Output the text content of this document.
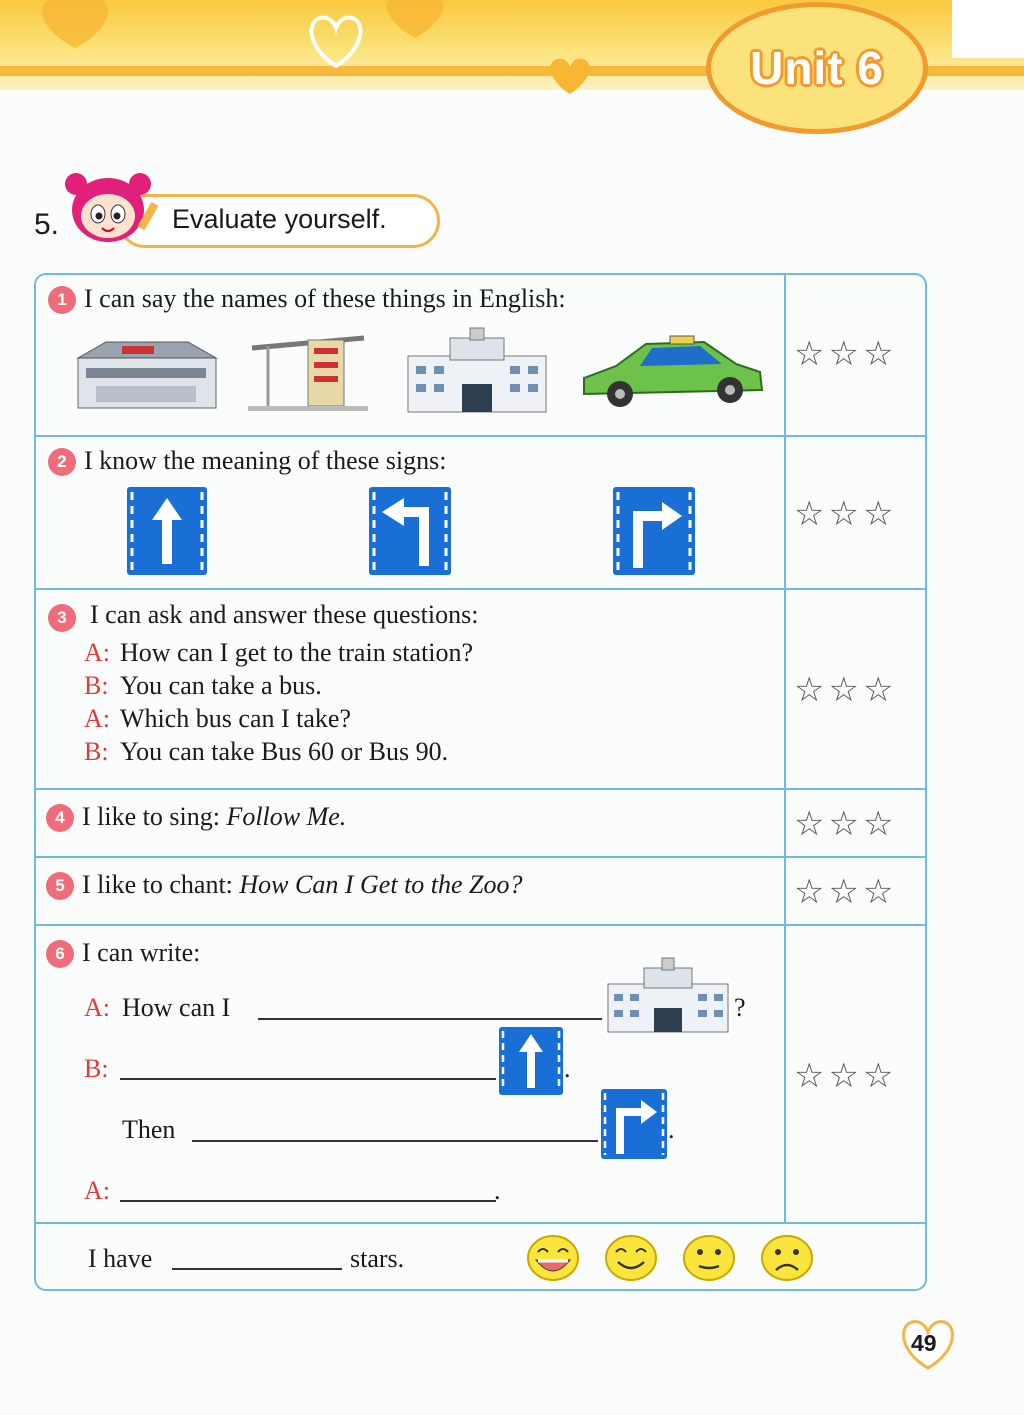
Unit 6
5.	Evaluate yourself.
1 I can say the names of these things in English:
☆☆☆
2 I know the meaning of these signs:
☆☆☆
3 I can ask and answer these questions:
A: How can I get to the train station?
B: You can take a bus.
A: Which bus can I take?
B: You can take Bus 60 or Bus 90.
☆☆☆
4 I like to sing: Follow Me.	☆☆☆
5 I like to chant: How Can I Get to the Zoo?	☆☆☆
6 I can write:
A: How can I	?
B:	.
Then	.
A:	.
☆☆☆
I have	stars.
49
